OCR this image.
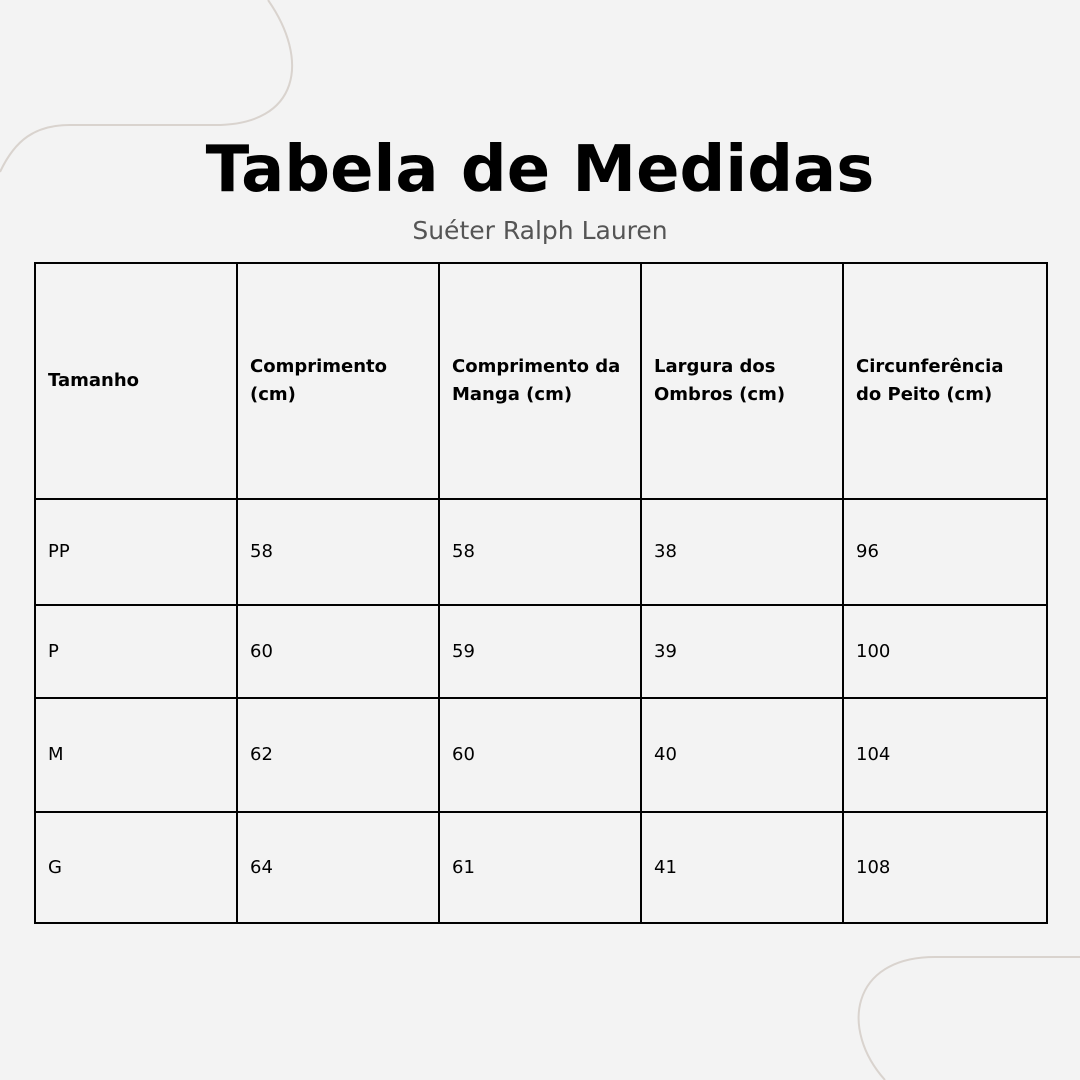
Tabela de Medidas

Suéter Ralph Lauren

Tamanho	Comprimento (cm)	Comprimento da Manga (cm)	Largura dos Ombros (cm)	Circunferência do Peito (cm)
PP	58	58	38	96
P	60	59	39	100
M	62	60	40	104
G	64	61	41	108
